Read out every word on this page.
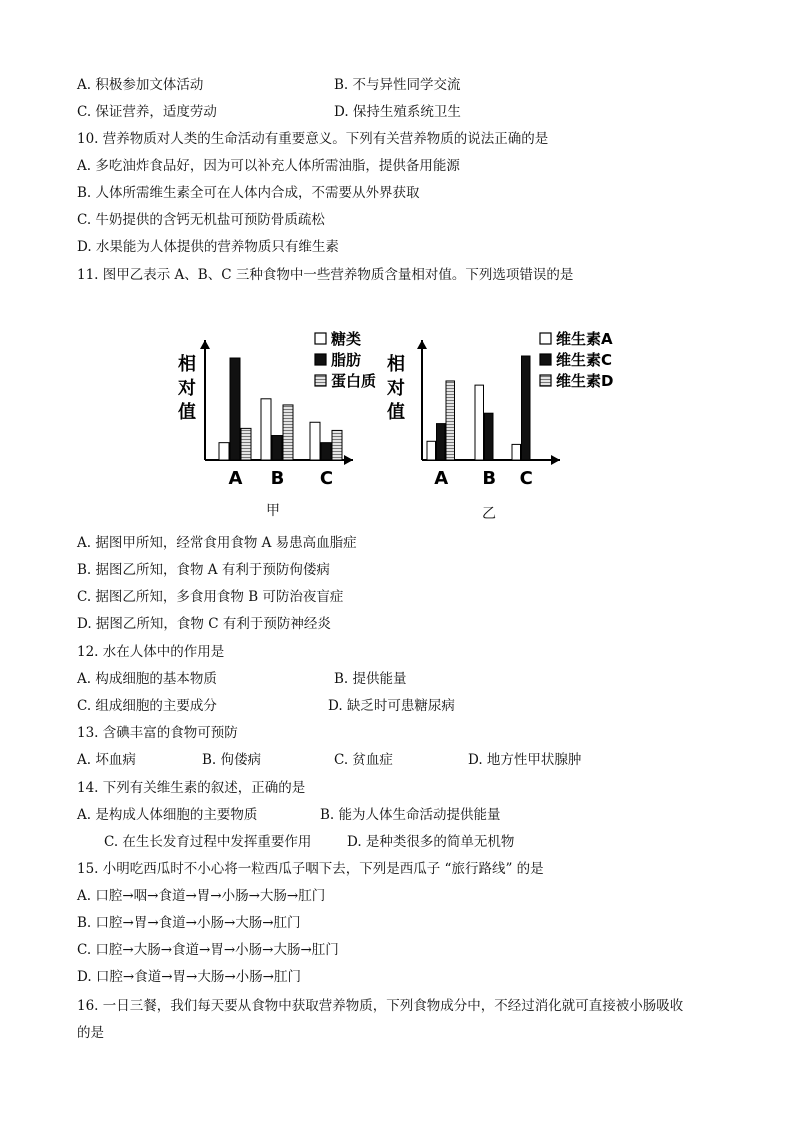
A. 积极参加文体活动	B. 不与异性同学交流
C. 保证营养，适度劳动	D. 保持生殖系统卫生
10. 营养物质对人类的生命活动有重要意义。下列有关营养物质的说法正确的是
A. 多吃油炸食品好，因为可以补充人体所需油脂，提供备用能源
B. 人体所需维生素全可在人体内合成，不需要从外界获取
C. 牛奶提供的含钙无机盐可预防骨质疏松
D. 水果能为人体提供的营养物质只有维生素
11. 图甲乙表示 A、B、C 三种食物中一些营养物质含量相对值。下列选项错误的是
相
对
值
A B C
糖类
脂肪
蛋白质
甲
相
对
值
A B C
维生素A
维生素C
维生素D
乙
A. 据图甲所知，经常食用食物 A 易患高血脂症
B. 据图乙所知，食物 A 有利于预防佝偻病
C. 据图乙所知，多食用食物 B 可防治夜盲症
D. 据图乙所知，食物 C 有利于预防神经炎
12. 水在人体中的作用是
A. 构成细胞的基本物质	B. 提供能量
C. 组成细胞的主要成分	D. 缺乏时可患糖尿病
13. 含碘丰富的食物可预防
A. 坏血病	B. 佝偻病	C. 贫血症	D. 地方性甲状腺肿
14. 下列有关维生素的叙述，正确的是
A. 是构成人体细胞的主要物质	B. 能为人体生命活动提供能量
C. 在生长发育过程中发挥重要作用	D. 是种类很多的简单无机物
15. 小明吃西瓜时不小心将一粒西瓜子咽下去，下列是西瓜子 “旅行路线” 的是
A. 口腔→咽→食道→胃→小肠→大肠→肛门
B. 口腔→胃→食道→小肠→大肠→肛门
C. 口腔→大肠→食道→胃→小肠→大肠→肛门
D. 口腔→食道→胃→大肠→小肠→肛门
16. 一日三餐，我们每天要从食物中获取营养物质，下列食物成分中，不经过消化就可直接被小肠吸收
的是
